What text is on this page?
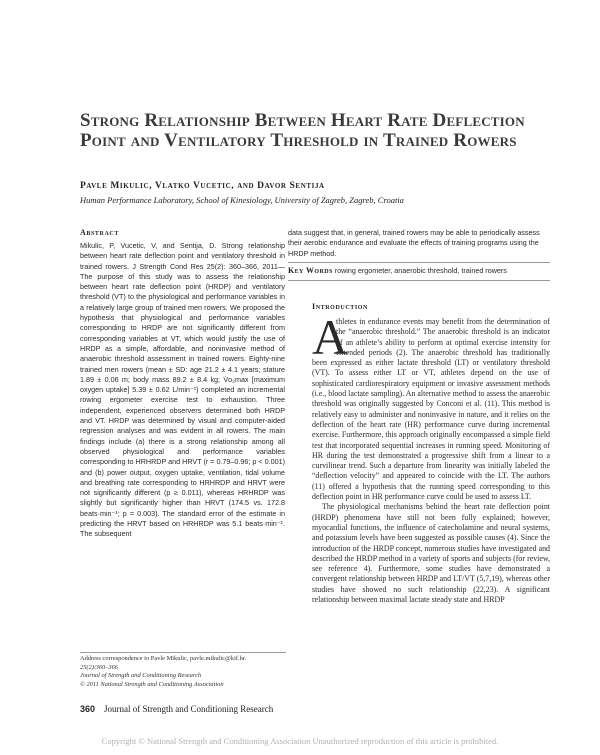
Strong Relationship Between Heart Rate Deflection Point and Ventilatory Threshold in Trained Rowers
Pavle Mikulic, Vlatko Vucetic, and Davor Sentija
Human Performance Laboratory, School of Kinesiology, University of Zagreb, Zagreb, Croatia
Abstract
Mikulic, P, Vucetic, V, and Sentija, D. Strong relationship between heart rate deflection point and ventilatory threshold in trained rowers. J Strength Cond Res 25(2): 360–366, 2011—The purpose of this study was to assess the relationship between heart rate deflection point (HRDP) and ventilatory threshold (VT) to the physiological and performance variables in a relatively large group of trained men rowers. We proposed the hypothesis that physiological and performance variables corresponding to HRDP are not significantly different from corresponding variables at VT, which would justify the use of HRDP as a simple, affordable, and noninvasive method of anaerobic threshold assessment in trained rowers. Eighty-nine trained men rowers (mean ± SD: age 21.2 ± 4.1 years; stature 1.89 ± 0.06 m; body mass 89.2 ± 8.4 kg; V̇o₂max [maximum oxygen uptake] 5.39 ± 0.62 L/min⁻¹) completed an incremental rowing ergometer exercise test to exhaustion. Three independent, experienced observers determined both HRDP and VT. HRDP was determined by visual and computer-aided regression analyses and was evident in all rowers. The main findings include (a) there is a strong relationship among all observed physiological and performance variables corresponding to HRHRDP and HRVT (r = 0.79–0.96; p < 0.001) and (b) power output, oxygen uptake, ventilation, tidal volume and breathing rate corresponding to HRHRDP and HRVT were not significantly different (p ≥ 0.011), whereas HRHRDP was slightly but significantly higher than HRVT (174.5 vs. 172.8 beats·min⁻¹; p = 0.003). The standard error of the estimate in predicting the HRVT based on HRHRDP was 5.1 beats·min⁻¹. The subsequent
data suggest that, in general, trained rowers may be able to periodically assess their aerobic endurance and evaluate the effects of training programs using the HRDP method.
Key Words rowing ergometer, anaerobic threshold, trained rowers
Introduction
A

thletes in endurance events may benefit from the determination of the “anaerobic threshold.” The anaerobic threshold is an indicator of an athlete’s ability to perform at optimal exercise intensity for extended periods (2). The anaerobic threshold has traditionally been expressed as either lactate threshold (LT) or ventilatory threshold (VT). To assess either LT or VT, athletes depend on the use of sophisticated cardiorespiratory equipment or invasive assessment methods (i.e., blood lactate sampling). An alternative method to assess the anaerobic threshold was originally suggested by Conconi et al. (11). This method is relatively easy to administer and noninvasive in nature, and it relies on the deflection of the heart rate (HR) performance curve during incremental exercise. Furthermore, this approach originally encompassed a simple field test that incorporated sequential increases in running speed. Monitoring of HR during the test demonstrated a progressive shift from a linear to a curvilinear trend. Such a departure from linearity was initially labeled the “deflection velocity” and appeared to coincide with the LT. The authors (11) offered a hypothesis that the running speed corresponding to this deflection point in HR performance curve could be used to assess LT.

The physiological mechanisms behind the heart rate deflection point (HRDP) phenomena have still not been fully explained; however, myocardial functions, the influence of catecholamine and neural systems, and potassium levels have been suggested as possible causes (4). Since the introduction of the HRDP concept, numerous studies have investigated and described the HRDP method in a variety of sports and subjects (for review, see reference 4). Furthermore, some studies have demonstrated a convergent relationship between HRDP and LT/VT (5,7,19), whereas other studies have showed no such relationship (22,23). A significant relationship between maximal lactate steady state and HRDP

Address correspondence to Pavle Mikulic, pavle.mikulic@kif.hr.
25(2)/360–366
Journal of Strength and Conditioning Research
© 2011 National Strength and Conditioning Association
360 Journal of Strength and Conditioning Research
Copyright © National Strength and Conditioning Association Unauthorized reproduction of this article is prohibited.
